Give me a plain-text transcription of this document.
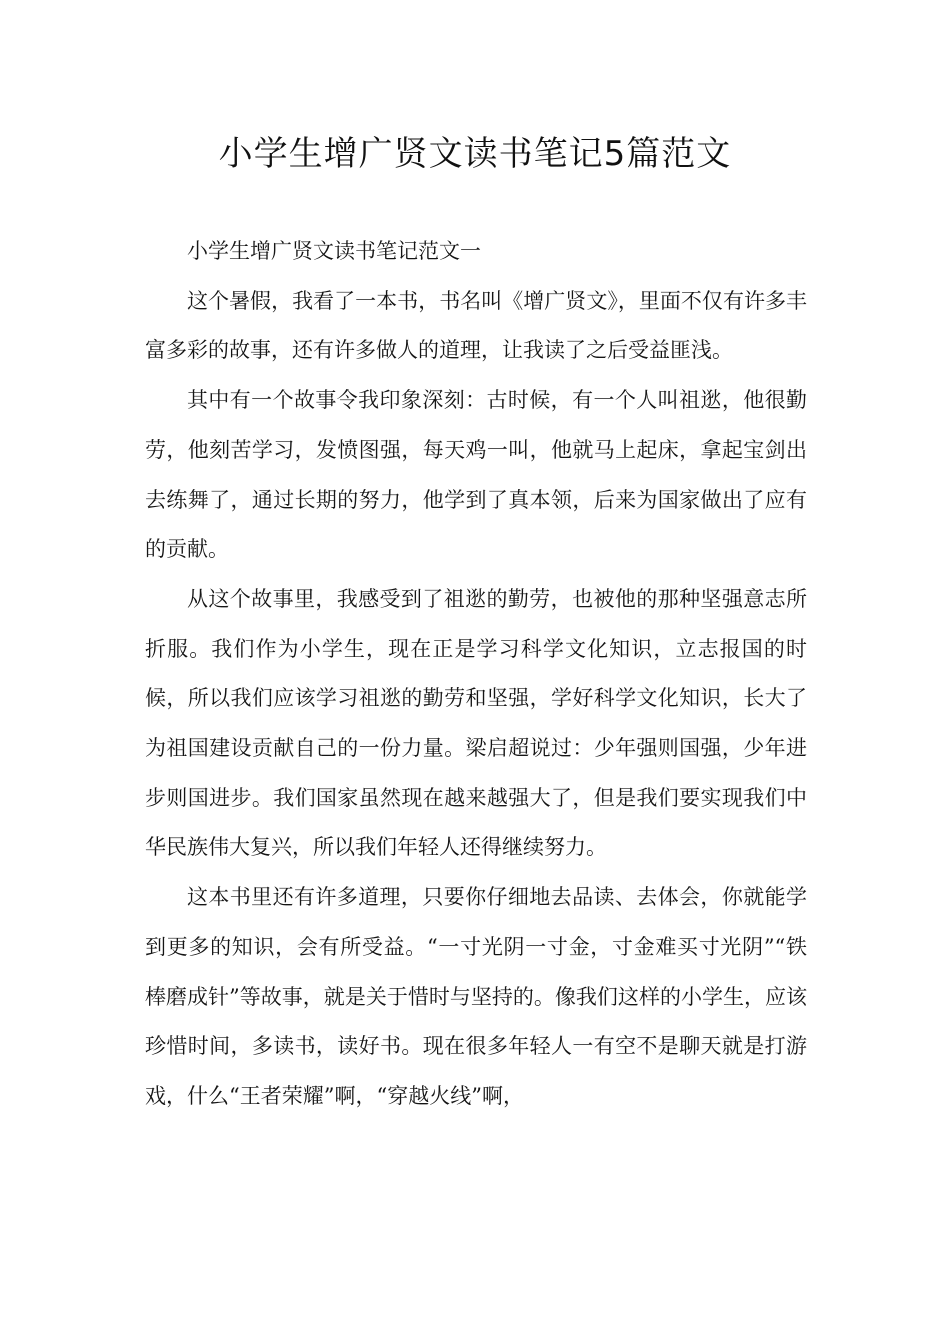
小学生增广贤文读书笔记5篇范文

小学生增广贤文读书笔记范文一

这个暑假，我看了一本书，书名叫《增广贤文》，里面不仅有许多丰富多彩的故事，还有许多做人的道理，让我读了之后受益匪浅。

其中有一个故事令我印象深刻：古时候，有一个人叫祖逖，他很勤劳，他刻苦学习，发愤图强，每天鸡一叫，他就马上起床，拿起宝剑出去练舞了，通过长期的努力，他学到了真本领，后来为国家做出了应有的贡献。

从这个故事里，我感受到了祖逖的勤劳，也被他的那种坚强意志所折服。我们作为小学生，现在正是学习科学文化知识，立志报国的时候，所以我们应该学习祖逖的勤劳和坚强，学好科学文化知识，长大了为祖国建设贡献自己的一份力量。梁启超说过：少年强则国强，少年进步则国进步。我们国家虽然现在越来越强大了，但是我们要实现我们中华民族伟大复兴，所以我们年轻人还得继续努力。

这本书里还有许多道理，只要你仔细地去品读、去体会，你就能学到更多的知识，会有所受益。“一寸光阴一寸金，寸金难买寸光阴”“铁棒磨成针”等故事，就是关于惜时与坚持的。像我们这样的小学生，应该珍惜时间，多读书，读好书。现在很多年轻人一有空不是聊天就是打游戏，什么“王者荣耀”啊，“穿越火线”啊，
